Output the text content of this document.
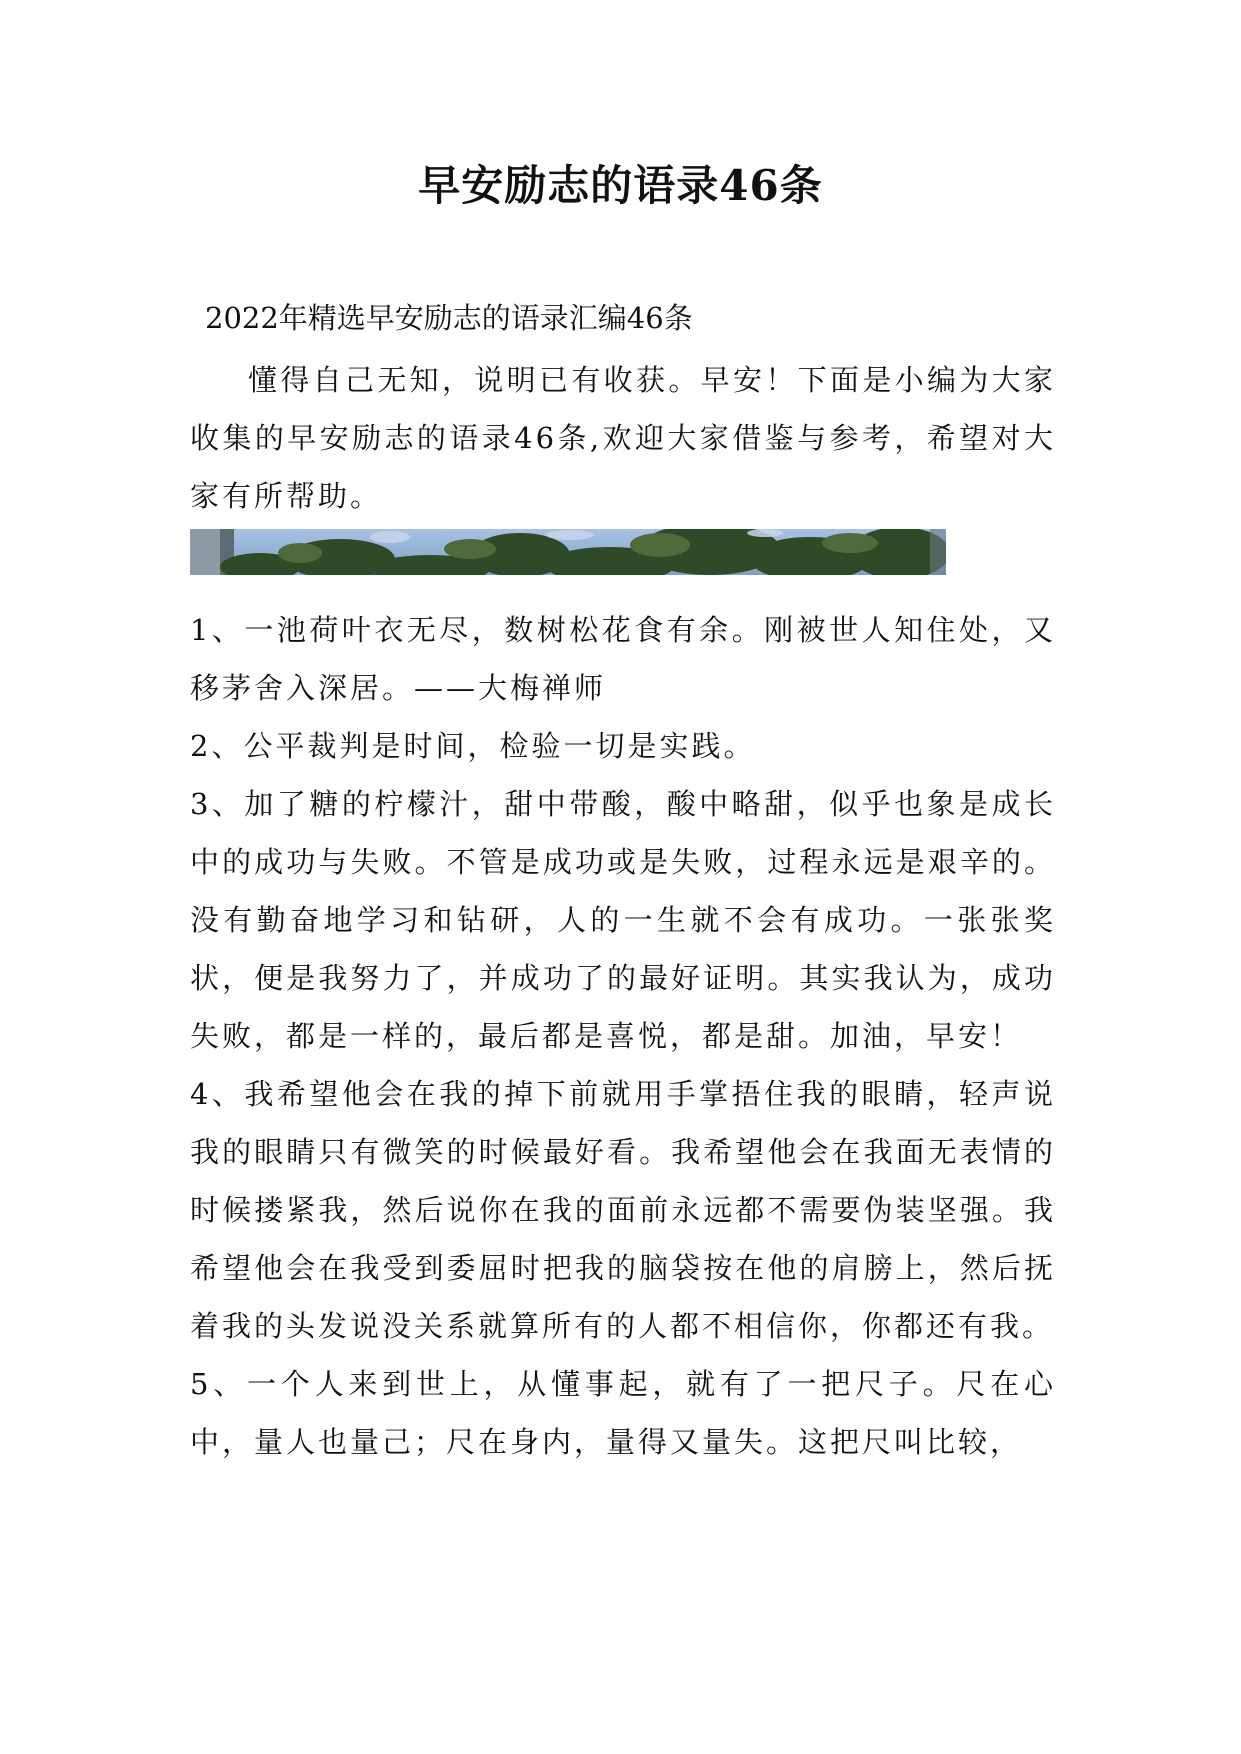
早安励志的语录46条

2022年精选早安励志的语录汇编46条

懂得自己无知，说明已有收获。早安！下面是小编为大家收集的早安励志的语录46条,欢迎大家借鉴与参考，希望对大家有所帮助。

1、一池荷叶衣无尽，数树松花食有余。刚被世人知住处，又移茅舍入深居。——大梅禅师

2、公平裁判是时间，检验一切是实践。

3、加了糖的柠檬汁，甜中带酸，酸中略甜，似乎也象是成长中的成功与失败。不管是成功或是失败，过程永远是艰辛的。没有勤奋地学习和钻研，人的一生就不会有成功。一张张奖状，便是我努力了，并成功了的最好证明。其实我认为，成功失败，都是一样的，最后都是喜悦，都是甜。加油，早安！

4、我希望他会在我的掉下前就用手掌捂住我的眼睛，轻声说我的眼睛只有微笑的时候最好看。我希望他会在我面无表情的时候搂紧我，然后说你在我的面前永远都不需要伪装坚强。我希望他会在我受到委屈时把我的脑袋按在他的肩膀上，然后抚着我的头发说没关系就算所有的人都不相信你，你都还有我。

5、一个人来到世上，从懂事起，就有了一把尺子。尺在心中，量人也量己；尺在身内，量得又量失。这把尺叫比较，
